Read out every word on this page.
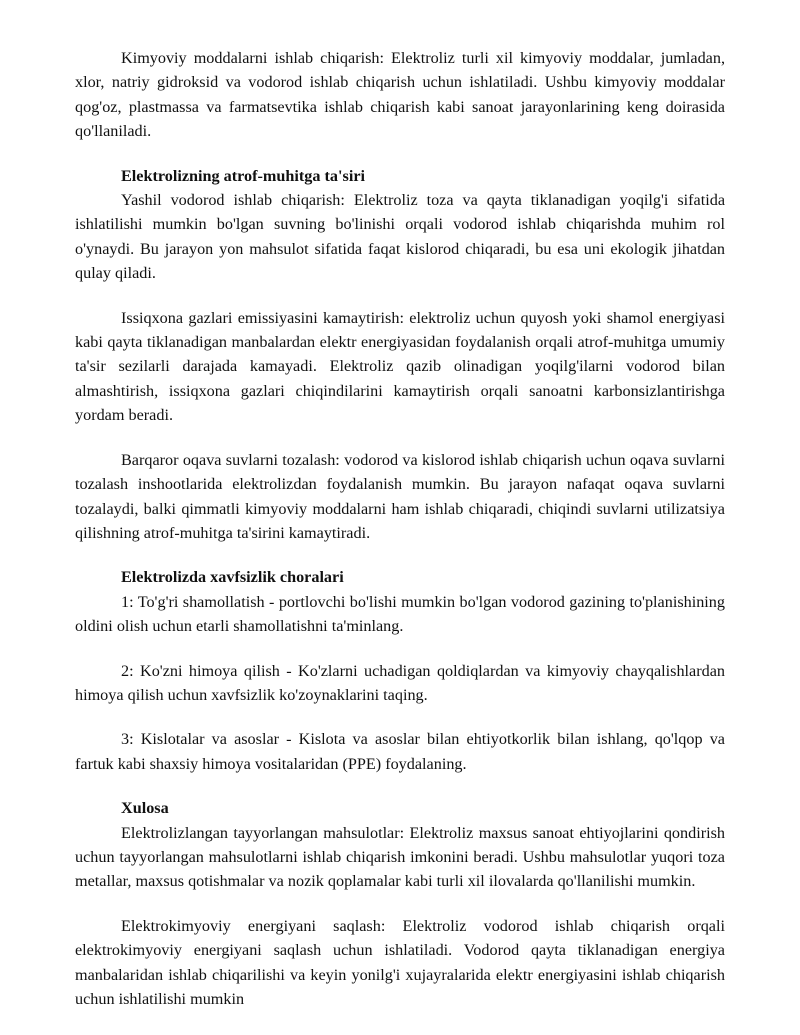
Kimyoviy moddalarni ishlab chiqarish: Elektroliz turli xil kimyoviy moddalar, jumladan, xlor, natriy gidroksid va vodorod ishlab chiqarish uchun ishlatiladi. Ushbu kimyoviy moddalar qog'oz, plastmassa va farmatsevtika ishlab chiqarish kabi sanoat jarayonlarining keng doirasida qo'llaniladi.

Elektrolizning atrof-muhitga ta'siri

Yashil vodorod ishlab chiqarish: Elektroliz toza va qayta tiklanadigan yoqilg'i sifatida ishlatilishi mumkin bo'lgan suvning bo'linishi orqali vodorod ishlab chiqarishda muhim rol o'ynaydi. Bu jarayon yon mahsulot sifatida faqat kislorod chiqaradi, bu esa uni ekologik jihatdan qulay qiladi.

Issiqxona gazlari emissiyasini kamaytirish: elektroliz uchun quyosh yoki shamol energiyasi kabi qayta tiklanadigan manbalardan elektr energiyasidan foydalanish orqali atrof-muhitga umumiy ta'sir sezilarli darajada kamayadi. Elektroliz qazib olinadigan yoqilg'ilarni vodorod bilan almashtirish, issiqxona gazlari chiqindilarini kamaytirish orqali sanoatni karbonsizlantirishga yordam beradi.

Barqaror oqava suvlarni tozalash: vodorod va kislorod ishlab chiqarish uchun oqava suvlarni tozalash inshootlarida elektrolizdan foydalanish mumkin. Bu jarayon nafaqat oqava suvlarni tozalaydi, balki qimmatli kimyoviy moddalarni ham ishlab chiqaradi, chiqindi suvlarni utilizatsiya qilishning atrof-muhitga ta'sirini kamaytiradi.

Elektrolizda xavfsizlik choralari

1: To'g'ri shamollatish - portlovchi bo'lishi mumkin bo'lgan vodorod gazining to'planishining oldini olish uchun etarli shamollatishni ta'minlang.

2: Ko'zni himoya qilish - Ko'zlarni uchadigan qoldiqlardan va kimyoviy chayqalishlardan himoya qilish uchun xavfsizlik ko'zoynaklarini taqing.

3: Kislotalar va asoslar - Kislota va asoslar bilan ehtiyotkorlik bilan ishlang, qo'lqop va fartuk kabi shaxsiy himoya vositalaridan (PPE) foydalaning.

Xulosa

Elektrolizlangan tayyorlangan mahsulotlar: Elektroliz maxsus sanoat ehtiyojlarini qondirish uchun tayyorlangan mahsulotlarni ishlab chiqarish imkonini beradi. Ushbu mahsulotlar yuqori toza metallar, maxsus qotishmalar va nozik qoplamalar kabi turli xil ilovalarda qo'llanilishi mumkin.

Elektrokimyoviy energiyani saqlash: Elektroliz vodorod ishlab chiqarish orqali elektrokimyoviy energiyani saqlash uchun ishlatiladi. Vodorod qayta tiklanadigan energiya manbalaridan ishlab chiqarilishi va keyin yonilg'i xujayralarida elektr energiyasini ishlab chiqarish uchun ishlatilishi mumkin
